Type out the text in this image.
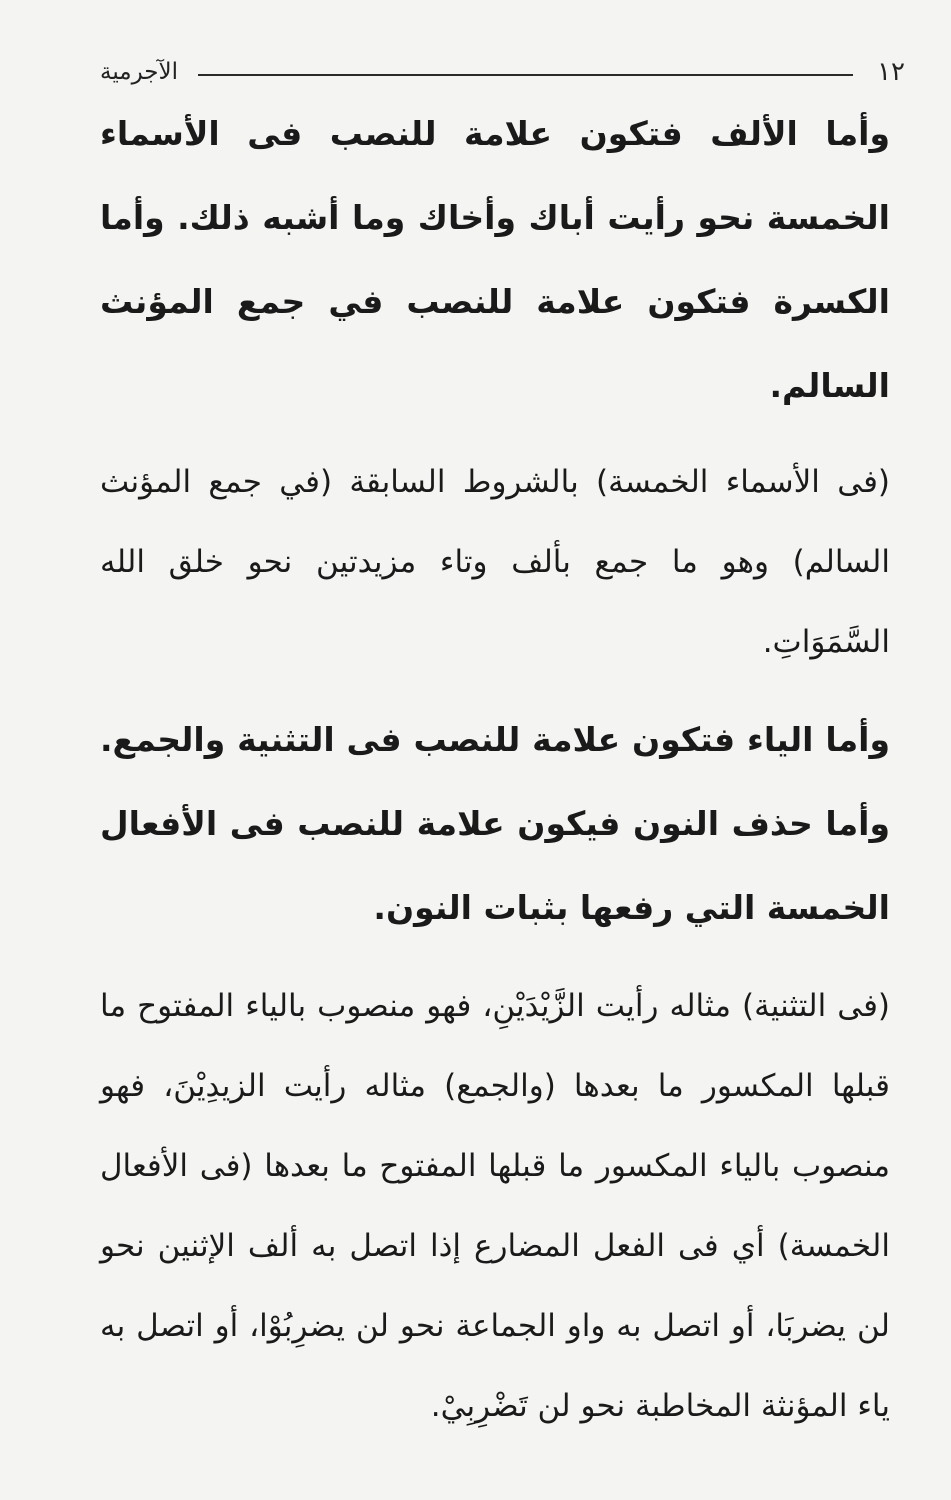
الآجرمية	١٢

وأما الألف فتكون علامة للنصب فى الأسماء الخمسة نحو رأيت أباك وأخاك وما أشبه ذلك. وأما الكسرة فتكون علامة للنصب في جمع المؤنث السالم.

(فى الأسماء الخمسة) بالشروط السابقة (في جمع المؤنث السالم) وهو ما جمع بألف وتاء مزيدتين نحو خلق الله السَّمَوَاتِ.

وأما الياء فتكون علامة للنصب فى التثنية والجمع. وأما حذف النون فيكون علامة للنصب فى الأفعال الخمسة التي رفعها بثبات النون.

(فى التثنية) مثاله رأيت الزَّيْدَيْنِ، فهو منصوب بالياء المفتوح ما قبلها المكسور ما بعدها (والجمع) مثاله رأيت الزيدِيْنَ، فهو منصوب بالياء المكسور ما قبلها المفتوح ما بعدها (فى الأفعال الخمسة) أي فى الفعل المضارع إذا اتصل به ألف الإثنين نحو لن يضربَا، أو اتصل به واو الجماعة نحو لن يضرِبُوْا، أو اتصل به ياء المؤنثة المخاطبة نحو لن تَضْرِبِيْ.
